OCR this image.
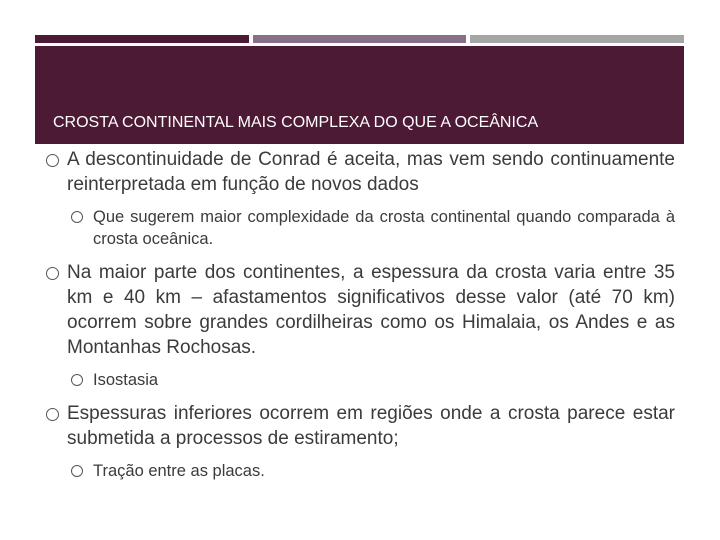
CROSTA CONTINENTAL MAIS COMPLEXA DO QUE A OCEÂNICA
A descontinuidade de Conrad é aceita, mas vem sendo continuamente reinterpretada em função de novos dados
Que sugerem maior complexidade da crosta continental quando comparada à crosta oceânica.
Na maior parte dos continentes, a espessura da crosta varia entre 35 km e 40 km – afastamentos significativos desse valor (até 70 km) ocorrem sobre grandes cordilheiras como os Himalaia, os Andes e as Montanhas Rochosas.
Isostasia
Espessuras inferiores ocorrem em regiões onde a crosta parece estar submetida a processos de estiramento;
Tração entre as placas.
